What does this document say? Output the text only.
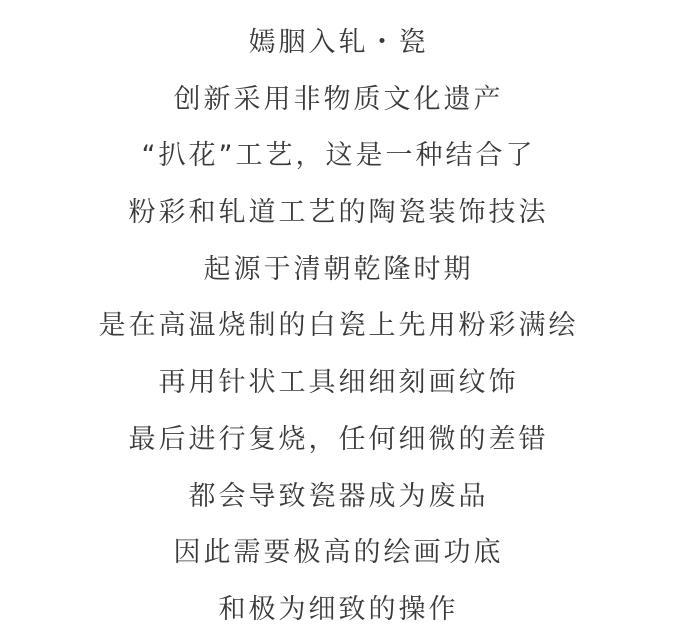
嫣胭入轧・瓷

创新采用非物质文化遗产

“扒花”工艺，这是一种结合了

粉彩和轧道工艺的陶瓷装饰技法

起源于清朝乾隆时期

是在高温烧制的白瓷上先用粉彩满绘

再用针状工具细细刻画纹饰

最后进行复烧，任何细微的差错

都会导致瓷器成为废品

因此需要极高的绘画功底

和极为细致的操作
